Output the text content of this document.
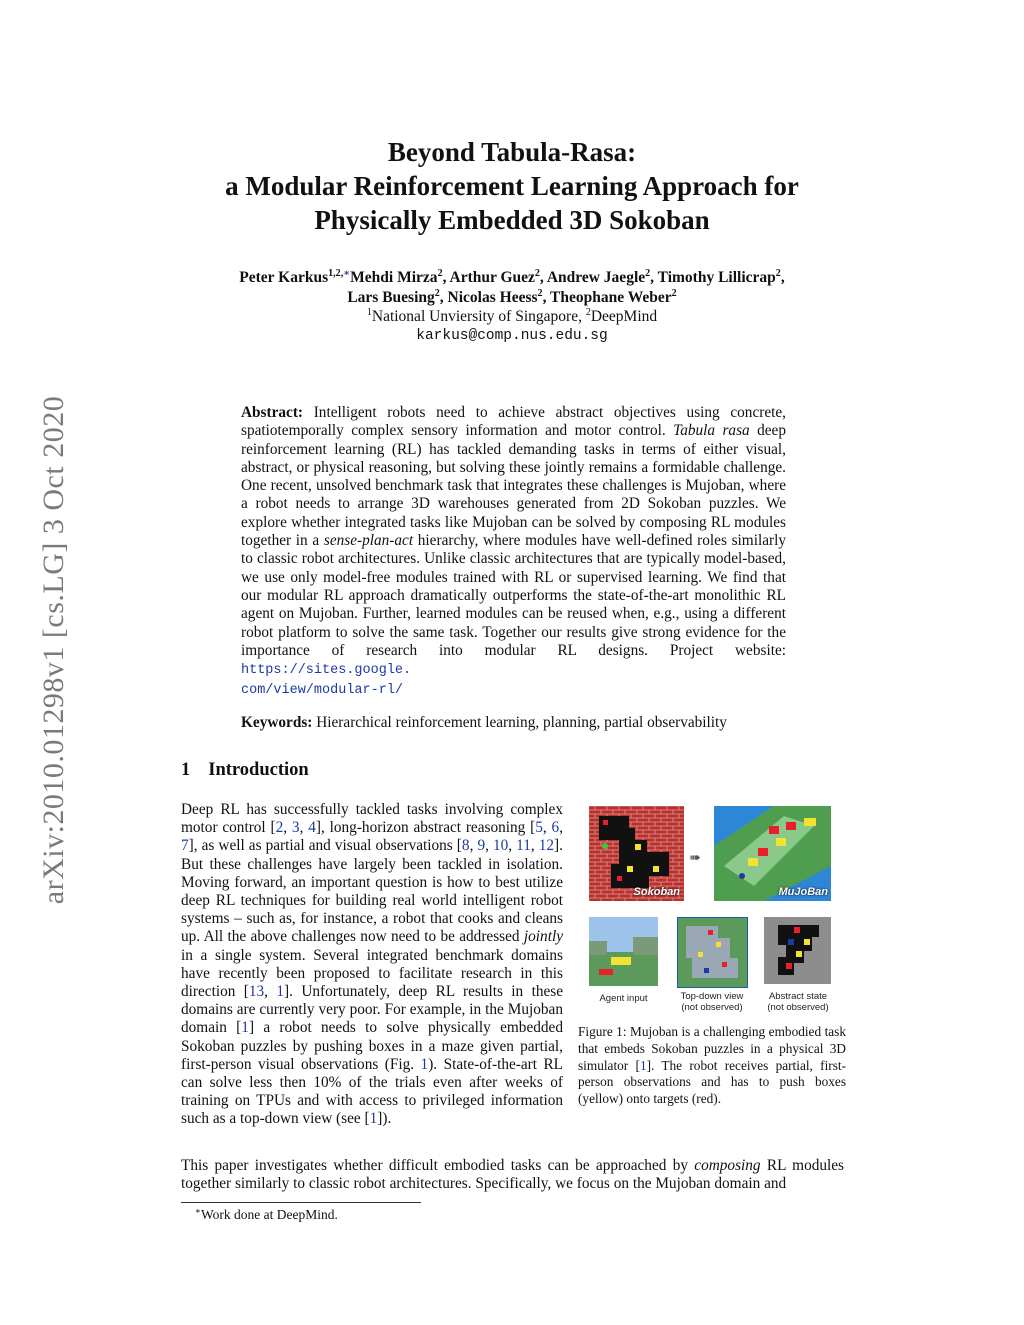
arXiv:2010.01298v1 [cs.LG] 3 Oct 2020
Beyond Tabula-Rasa:
a Modular Reinforcement Learning Approach for
Physically Embedded 3D Sokoban
Peter Karkus$^{1,2,∗}$Mehdi Mirza$^2$, Arthur Guez$^2$, Andrew Jaegle$^2$, Timothy Lillicrap$^2$,
Lars Buesing$^2$, Nicolas Heess$^2$, Theophane Weber$^2$
$^1$National Unviersity of Singapore, $^2$DeepMind
karkus@comp.nus.edu.sg
Abstract: Intelligent robots need to achieve abstract objectives using concrete, spatiotemporally complex sensory information and motor control. Tabula rasa deep reinforcement learning (RL) has tackled demanding tasks in terms of either visual, abstract, or physical reasoning, but solving these jointly remains a formidable challenge. One recent, unsolved benchmark task that integrates these challenges is Mujoban, where a robot needs to arrange 3D warehouses generated from 2D Sokoban puzzles. We explore whether integrated tasks like Mujoban can be solved by composing RL modules together in a sense-plan-act hierarchy, where modules have well-defined roles similarly to classic robot architectures. Unlike classic architectures that are typically model-based, we use only model-free modules trained with RL or supervised learning. We find that our modular RL approach dramatically outperforms the state-of-the-art monolithic RL agent on Mujoban. Further, learned modules can be reused when, e.g., using a different robot platform to solve the same task. Together our results give strong evidence for the importance of research into modular RL designs. Project website: https://sites.google.
com/view/modular-rl/
Keywords: Hierarchical reinforcement learning, planning, partial observability
1 Introduction
Deep RL has successfully tackled tasks involving complex motor control [2, 3, 4], long-horizon abstract reasoning [5, 6, 7], as well as partial and visual observations [8, 9, 10, 11, 12]. But these challenges have largely been tackled in isolation. Moving forward, an important question is how to best utilize deep RL techniques for building real world intelligent robot systems – such as, for instance, a robot that cooks and cleans up. All the above challenges now need to be addressed jointly in a single system. Several integrated benchmark domains have recently been proposed to facilitate research in this direction [13, 1]. Unfortunately, deep RL results in these domains are currently very poor. For example, in the Mujoban domain [1] a robot needs to solve physically embedded Sokoban puzzles by pushing boxes in a maze given partial, first-person visual observations (Fig. 1). State-of-the-art RL can solve less then 10% of the trials even after weeks of training on TPUs and with access to privileged information such as a top-down view (see [1]).
Sokoban
➠
MuJoBan
Agent input	Top-down view
(not observed)
Abstract state
(not observed)
Figure 1: Mujoban is a challenging embodied task that embeds Sokoban puzzles in a physical 3D simulator [1]. The robot receives partial, first-person observations and has to push boxes (yellow) onto targets (red).
This paper investigates whether difficult embodied tasks can be approached by composing RL modules together similarly to classic robot architectures. Specifically, we focus on the Mujoban domain and
∗Work done at DeepMind.
